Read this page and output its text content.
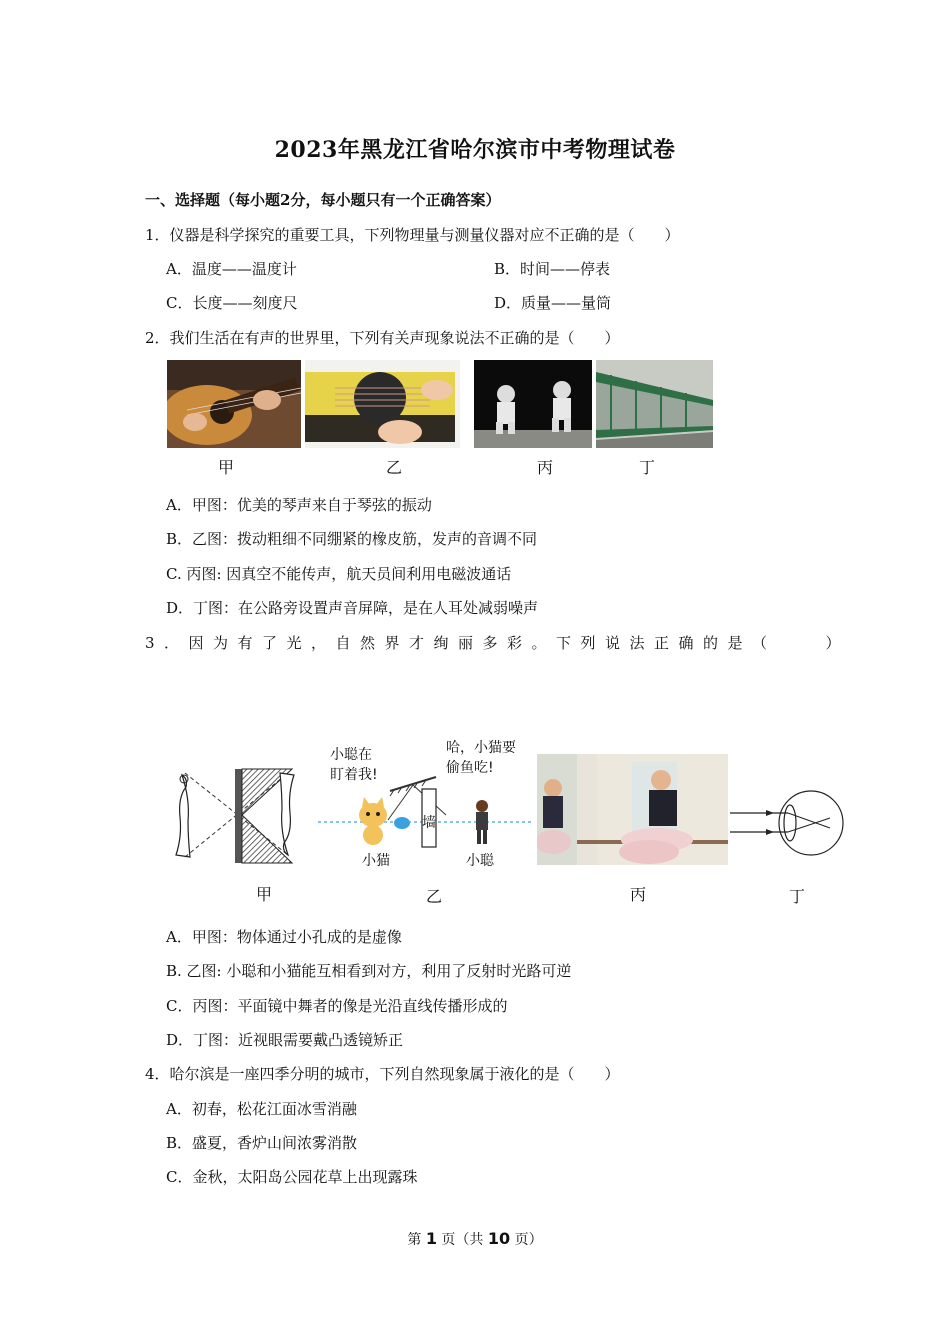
2023年黑龙江省哈尔滨市中考物理试卷
一、选择题（每小题2分，每小题只有一个正确答案）
1．仪器是科学探究的重要工具，下列物理量与测量仪器对应不正确的是（　　）
A．温度——温度计	B．时间——停表
C．长度——刻度尺	D．质量——量筒
2．我们生活在有声的世界里，下列有关声现象说法不正确的是（　　）
甲	乙	丙	丁
A．甲图：优美的琴声来自于琴弦的振动
B．乙图：拨动粗细不同绷紧的橡皮筋，发声的音调不同
C. 丙图: 因真空不能传声，航天员间利用电磁波通话
D．丁图：在公路旁设置声音屏障，是在人耳处减弱噪声
3．因为有了光，自然界才绚丽多彩。下列说法正确的是（　　）
甲
小聪在
盯着我!
哈，小猫要
偷鱼吃!
墙
小猫	小聪
乙	丙	丁
A．甲图：物体通过小孔成的是虚像
B. 乙图: 小聪和小猫能互相看到对方，利用了反射时光路可逆
C．丙图：平面镜中舞者的像是光沿直线传播形成的
D．丁图：近视眼需要戴凸透镜矫正
4．哈尔滨是一座四季分明的城市，下列自然现象属于液化的是（　　）
A．初春，松花江面冰雪消融
B．盛夏，香炉山间浓雾消散
C．金秋，太阳岛公园花草上出现露珠
第 1 页（共 10 页）
